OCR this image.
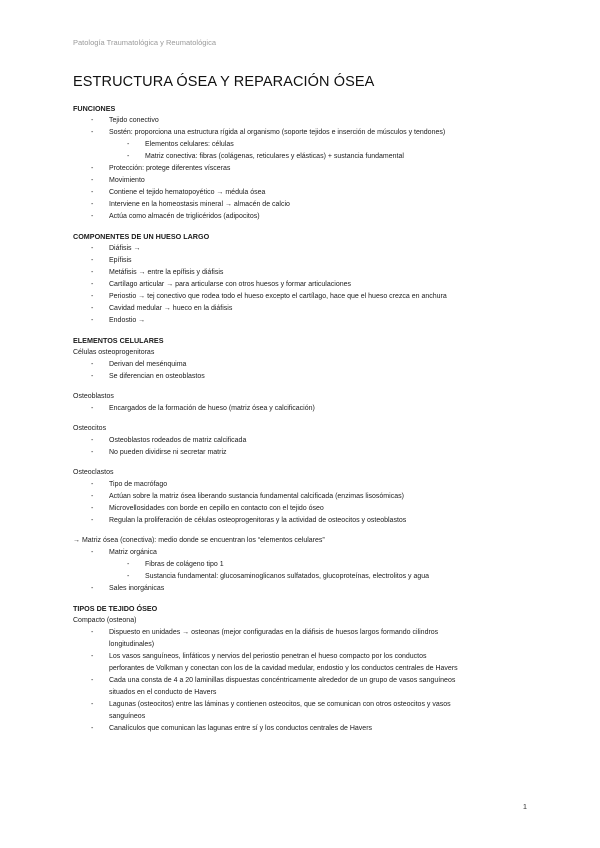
Patología Traumatológica y Reumatológica
ESTRUCTURA ÓSEA Y REPARACIÓN ÓSEA
FUNCIONES
- Tejido conectivo
- Sostén: proporciona una estructura rígida al organismo (soporte tejidos e inserción de músculos y tendones)
- Elementos celulares: células
- Matriz conectiva: fibras (colágenas, reticulares y elásticas) + sustancia fundamental
- Protección: protege diferentes vísceras
- Movimiento
- Contiene el tejido hematopoyético → médula ósea
- Interviene en la homeostasis mineral → almacén de calcio
- Actúa como almacén de triglicéridos (adipocitos)
COMPONENTES DE UN HUESO LARGO
- Diáfisis →
- Epífisis
- Metáfisis → entre la epífisis y diáfisis
- Cartílago articular → para articularse con otros huesos y formar articulaciones
- Periostio → tej conectivo que rodea todo el hueso excepto el cartílago, hace que el hueso crezca en anchura
- Cavidad medular → hueco en la diáfisis
- Endostio →
ELEMENTOS CELULARES
Células osteoprogenitoras
- Derivan del mesénquima
- Se diferencian en osteoblastos
Osteoblastos
- Encargados de la formación de hueso (matriz ósea y calcificación)
Osteocitos
- Osteoblastos rodeados de matriz calcificada
- No pueden dividirse ni secretar matriz
Osteoclastos
- Tipo de macrófago
- Actúan sobre la matriz ósea liberando sustancia fundamental calcificada (enzimas lisosómicas)
- Microvellosidades con borde en cepillo en contacto con el tejido óseo
- Regulan la proliferación de células osteoprogenitoras y la actividad de osteocitos y osteoblastos
→ Matriz ósea (conectiva): medio donde se encuentran los “elementos celulares”
- Matriz orgánica
- Fibras de colágeno tipo 1
- Sustancia fundamental: glucosaminoglicanos sulfatados, glucoproteínas, electrolitos y agua
- Sales inorgánicas
TIPOS DE TEJIDO ÓSEO
Compacto (osteona)
- Dispuesto en unidades → osteonas (mejor configuradas en la diáfisis de huesos largos formando cilindros
longitudinales)
- Los vasos sanguíneos, linfáticos y nervios del periostio penetran el hueso compacto por los conductos
perforantes de Volkman y conectan con los de la cavidad medular, endostio y los conductos centrales de Havers
- Cada una consta de 4 a 20 laminillas dispuestas concéntricamente alrededor de un grupo de vasos sanguíneos
situados en el conducto de Havers
- Lagunas (osteocitos) entre las láminas y contienen osteocitos, que se comunican con otros osteocitos y vasos
sanguíneos
- Canalículos que comunican las lagunas entre sí y los conductos centrales de Havers
1
